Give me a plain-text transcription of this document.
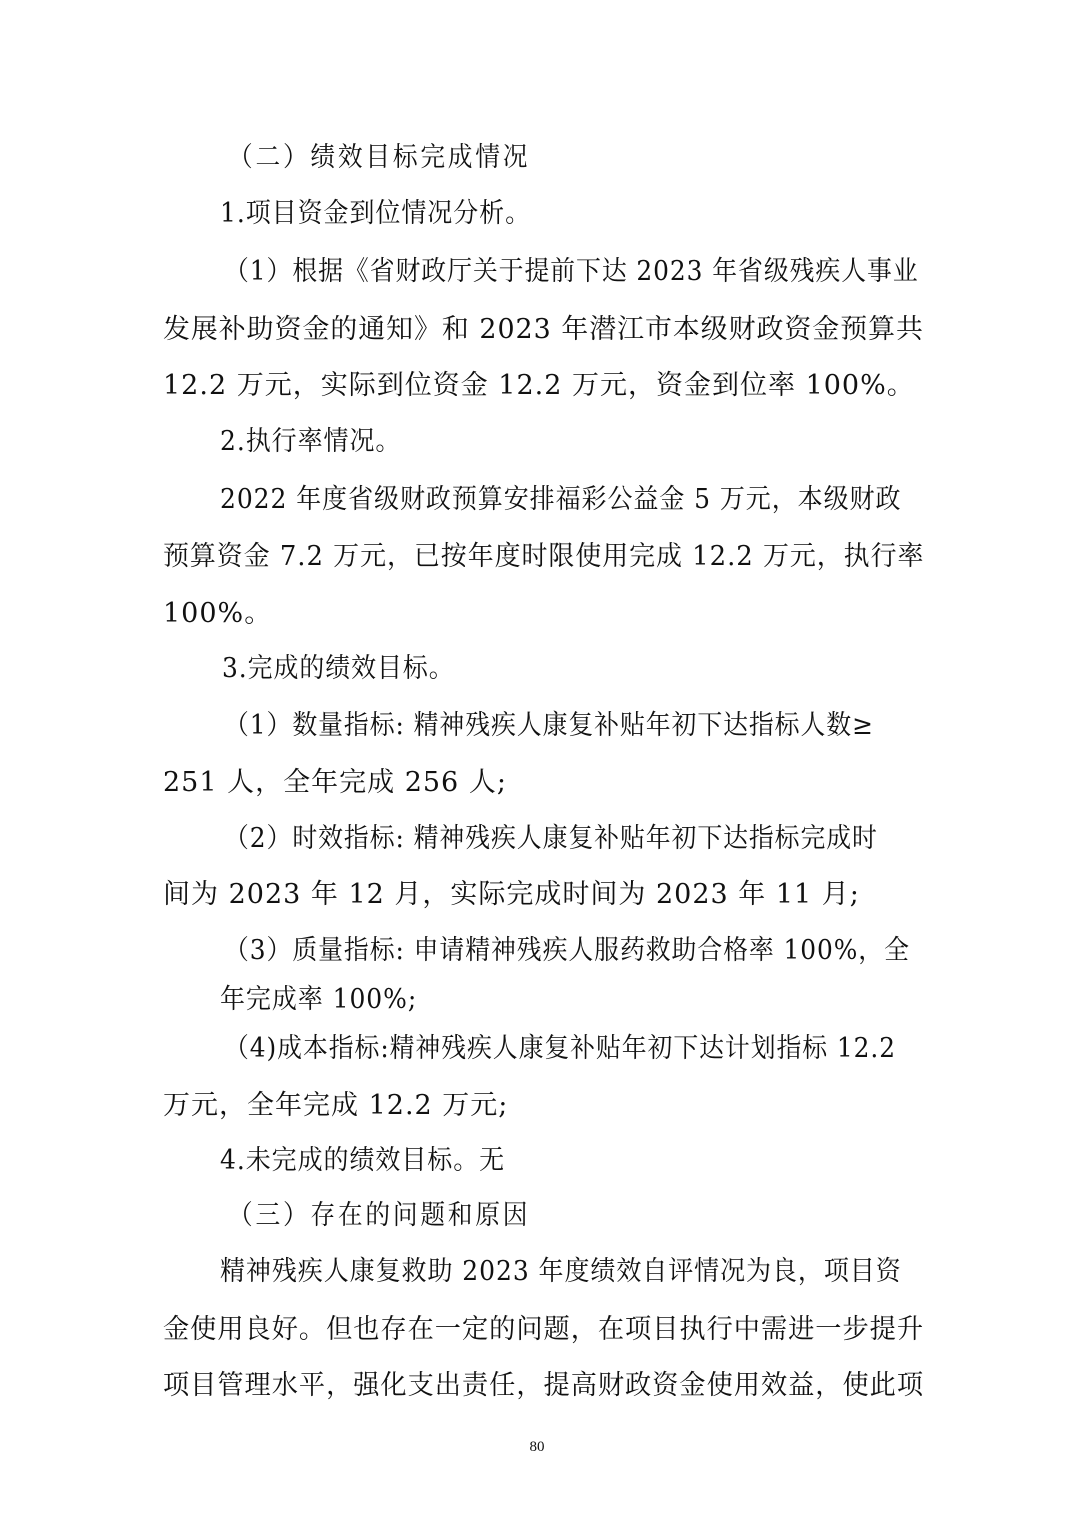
（二）绩效目标完成情况
1.项目资金到位情况分析。
（1）根据《省财政厅关于提前下达 2023 年省级残疾人事业
发展补助资金的通知》和 2023 年潜江市本级财政资金预算共
12.2 万元，实际到位资金 12.2 万元，资金到位率 100%。
2.执行率情况。
2022 年度省级财政预算安排福彩公益金 5 万元，本级财政
预算资金 7.2 万元，已按年度时限使用完成 12.2 万元，执行率
100%。
3.完成的绩效目标。
（1）数量指标: 精神残疾人康复补贴年初下达指标人数≥
251 人，全年完成 256 人;
（2）时效指标: 精神残疾人康复补贴年初下达指标完成时
间为 2023 年 12 月，实际完成时间为 2023 年 11 月;
（3）质量指标: 申请精神残疾人服药救助合格率 100%，全
年完成率 100%;
（4)成本指标:精神残疾人康复补贴年初下达计划指标 12.2
万元，全年完成 12.2 万元;
4.未完成的绩效目标。无
（三）存在的问题和原因
精神残疾人康复救助 2023 年度绩效自评情况为良，项目资
金使用良好。但也存在一定的问题，在项目执行中需进一步提升
项目管理水平，强化支出责任，提高财政资金使用效益，使此项
80
